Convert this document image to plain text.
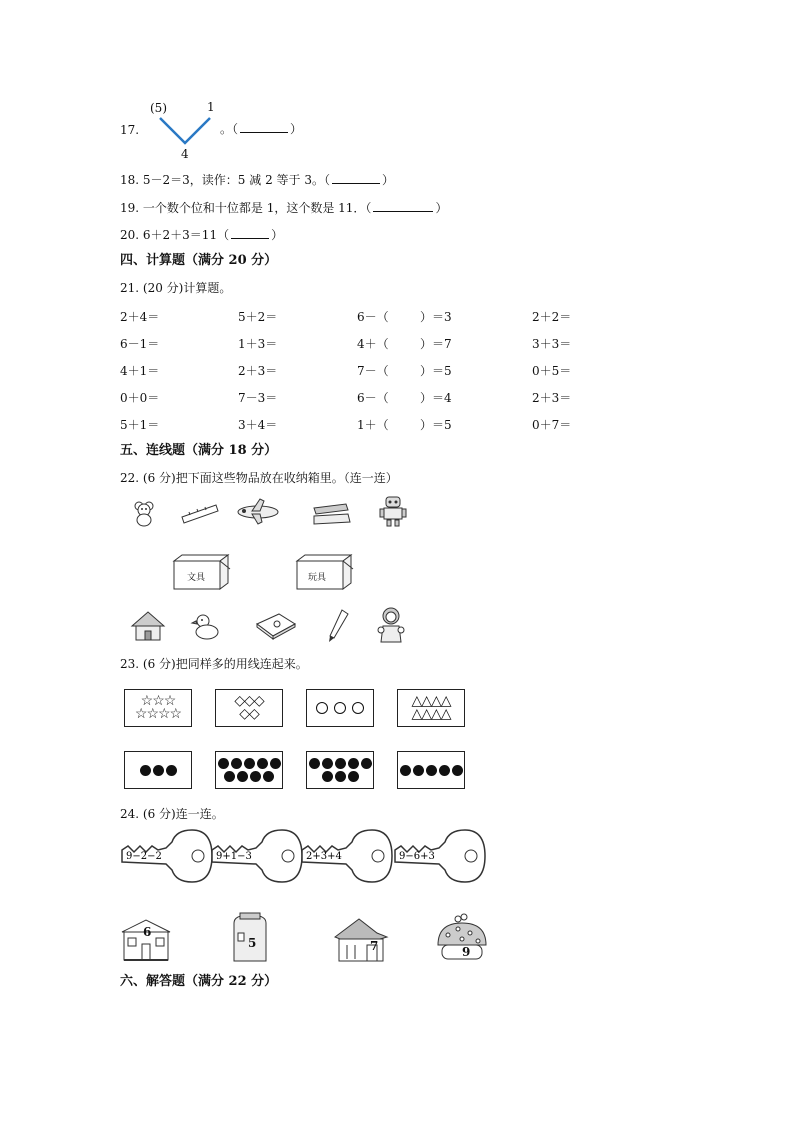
17.
(5)	1
4
。（	）
18. 5－2＝3，读作：5 减 2 等于 3。（	）
19. 一个数个位和十位都是 1，这个数是 11．（	）
20. 6＋2＋3＝11（	）
四、计算题（满分 20 分）
21. (20 分)计算题。
2＋4＝	5＋2＝	6－（	）＝3	2＋2＝
6－1＝	1＋3＝	4＋（	）＝7	3＋3＝
4＋1＝	2＋3＝	7－（	）＝5	0＋5＝
0＋0＝	7－3＝	6－（	）＝4	2＋3＝
5＋1＝	3＋4＝	1＋（	）＝5	0＋7＝
五、连线题（满分 18 分）
22. (6 分)把下面这些物品放在收纳箱里。（连一连）
文具	玩具
23. (6 分)把同样多的用线连起来。
☆☆☆
☆☆☆☆
◇◇◇
◇◇
△△△△
△△△△
24. (6 分)连一连。
9−2−2	9+1−3	2+3+4	9−6+3
6
5	7	9
六、解答题（满分 22 分）
